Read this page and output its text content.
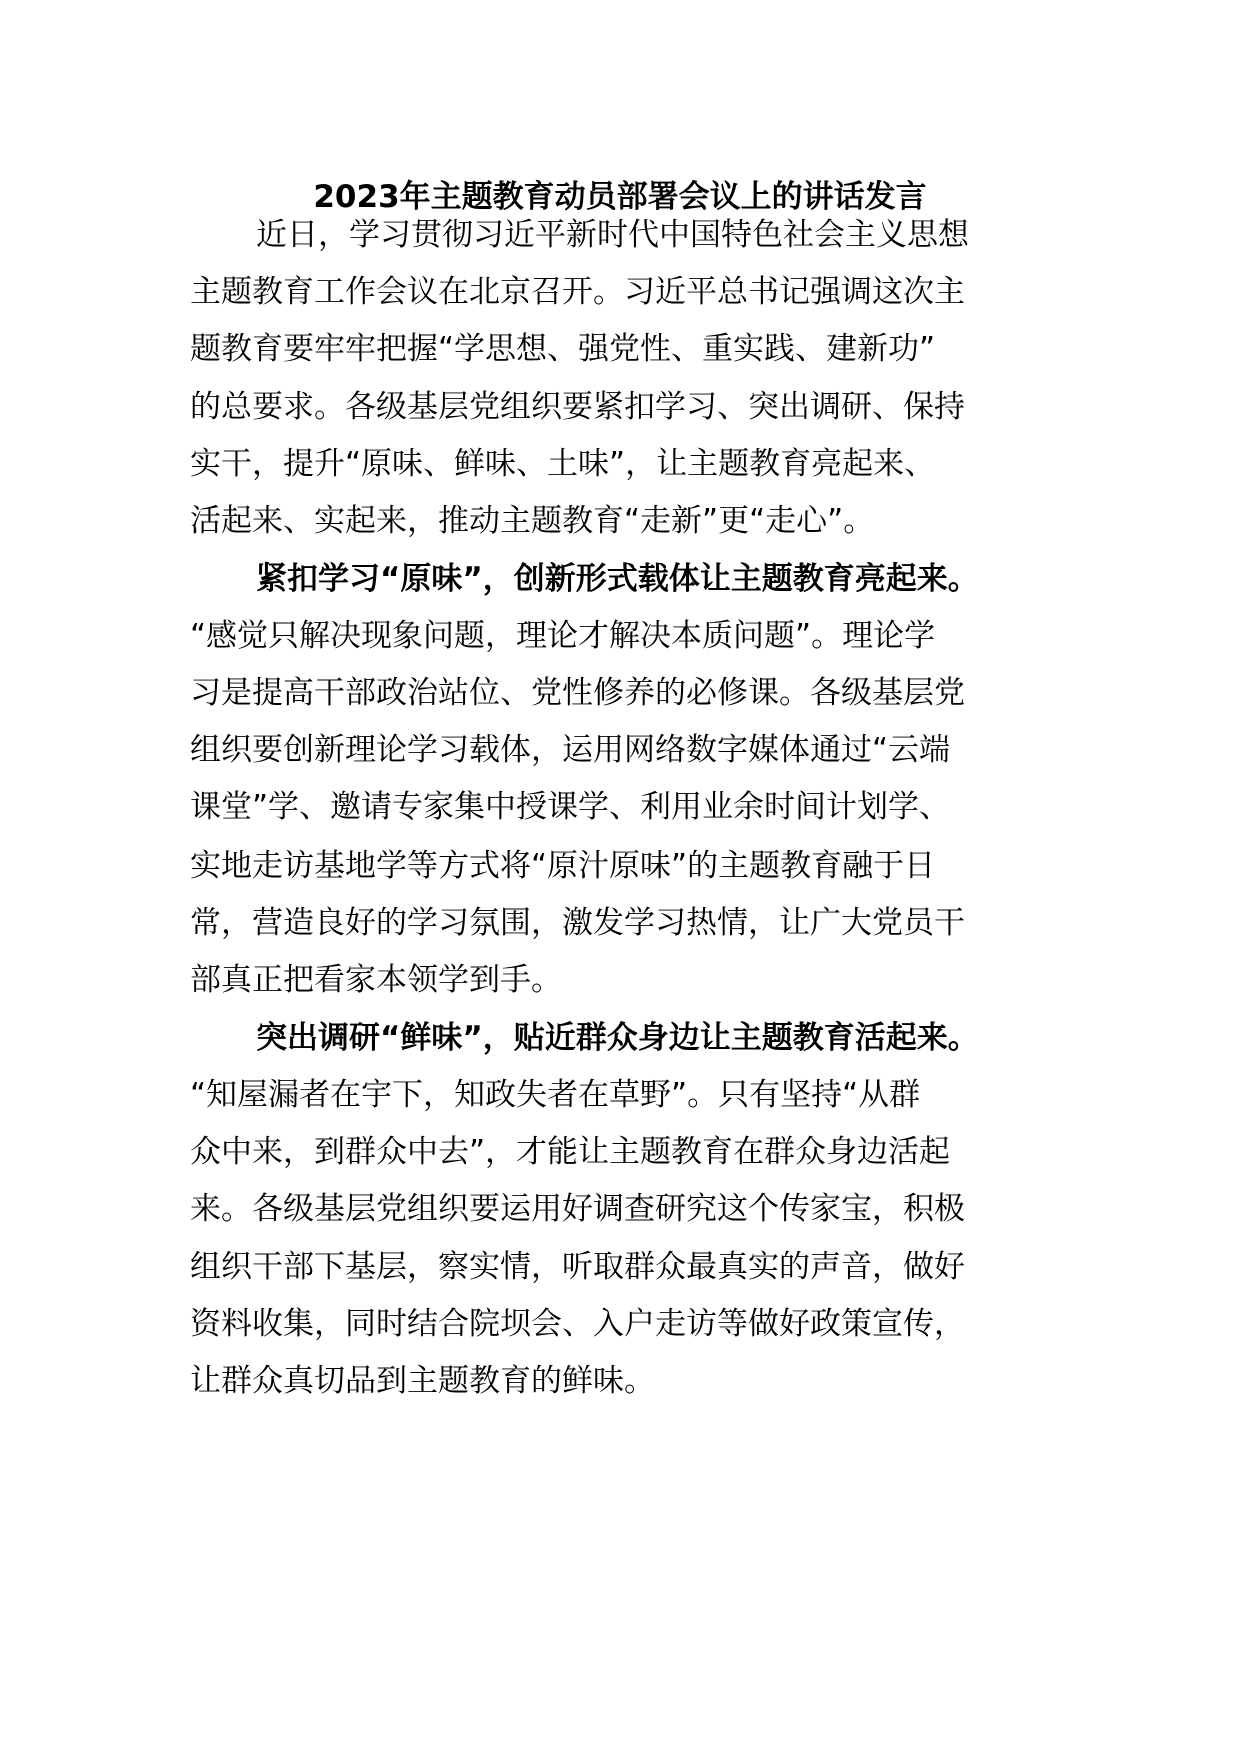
2023年主题教育动员部署会议上的讲话发言
近日，学习贯彻习近平新时代中国特色社会主义思想
主题教育工作会议在北京召开。习近平总书记强调这次主
题教育要牢牢把握“学思想、强党性、重实践、建新功”
的总要求。各级基层党组织要紧扣学习、突出调研、保持
实干，提升“原味、鲜味、土味”，让主题教育亮起来、
活起来、实起来，推动主题教育“走新”更“走心”。
紧扣学习“原味”，创新形式载体让主题教育亮起来。
“感觉只解决现象问题，理论才解决本质问题”。理论学
习是提高干部政治站位、党性修养的必修课。各级基层党
组织要创新理论学习载体，运用网络数字媒体通过“云端
课堂”学、邀请专家集中授课学、利用业余时间计划学、
实地走访基地学等方式将“原汁原味”的主题教育融于日
常，营造良好的学习氛围，激发学习热情，让广大党员干
部真正把看家本领学到手。
突出调研“鲜味”，贴近群众身边让主题教育活起来。
“知屋漏者在宇下，知政失者在草野”。只有坚持“从群
众中来，到群众中去”，才能让主题教育在群众身边活起
来。各级基层党组织要运用好调查研究这个传家宝，积极
组织干部下基层，察实情，听取群众最真实的声音，做好
资料收集，同时结合院坝会、入户走访等做好政策宣传，
让群众真切品到主题教育的鲜味。
